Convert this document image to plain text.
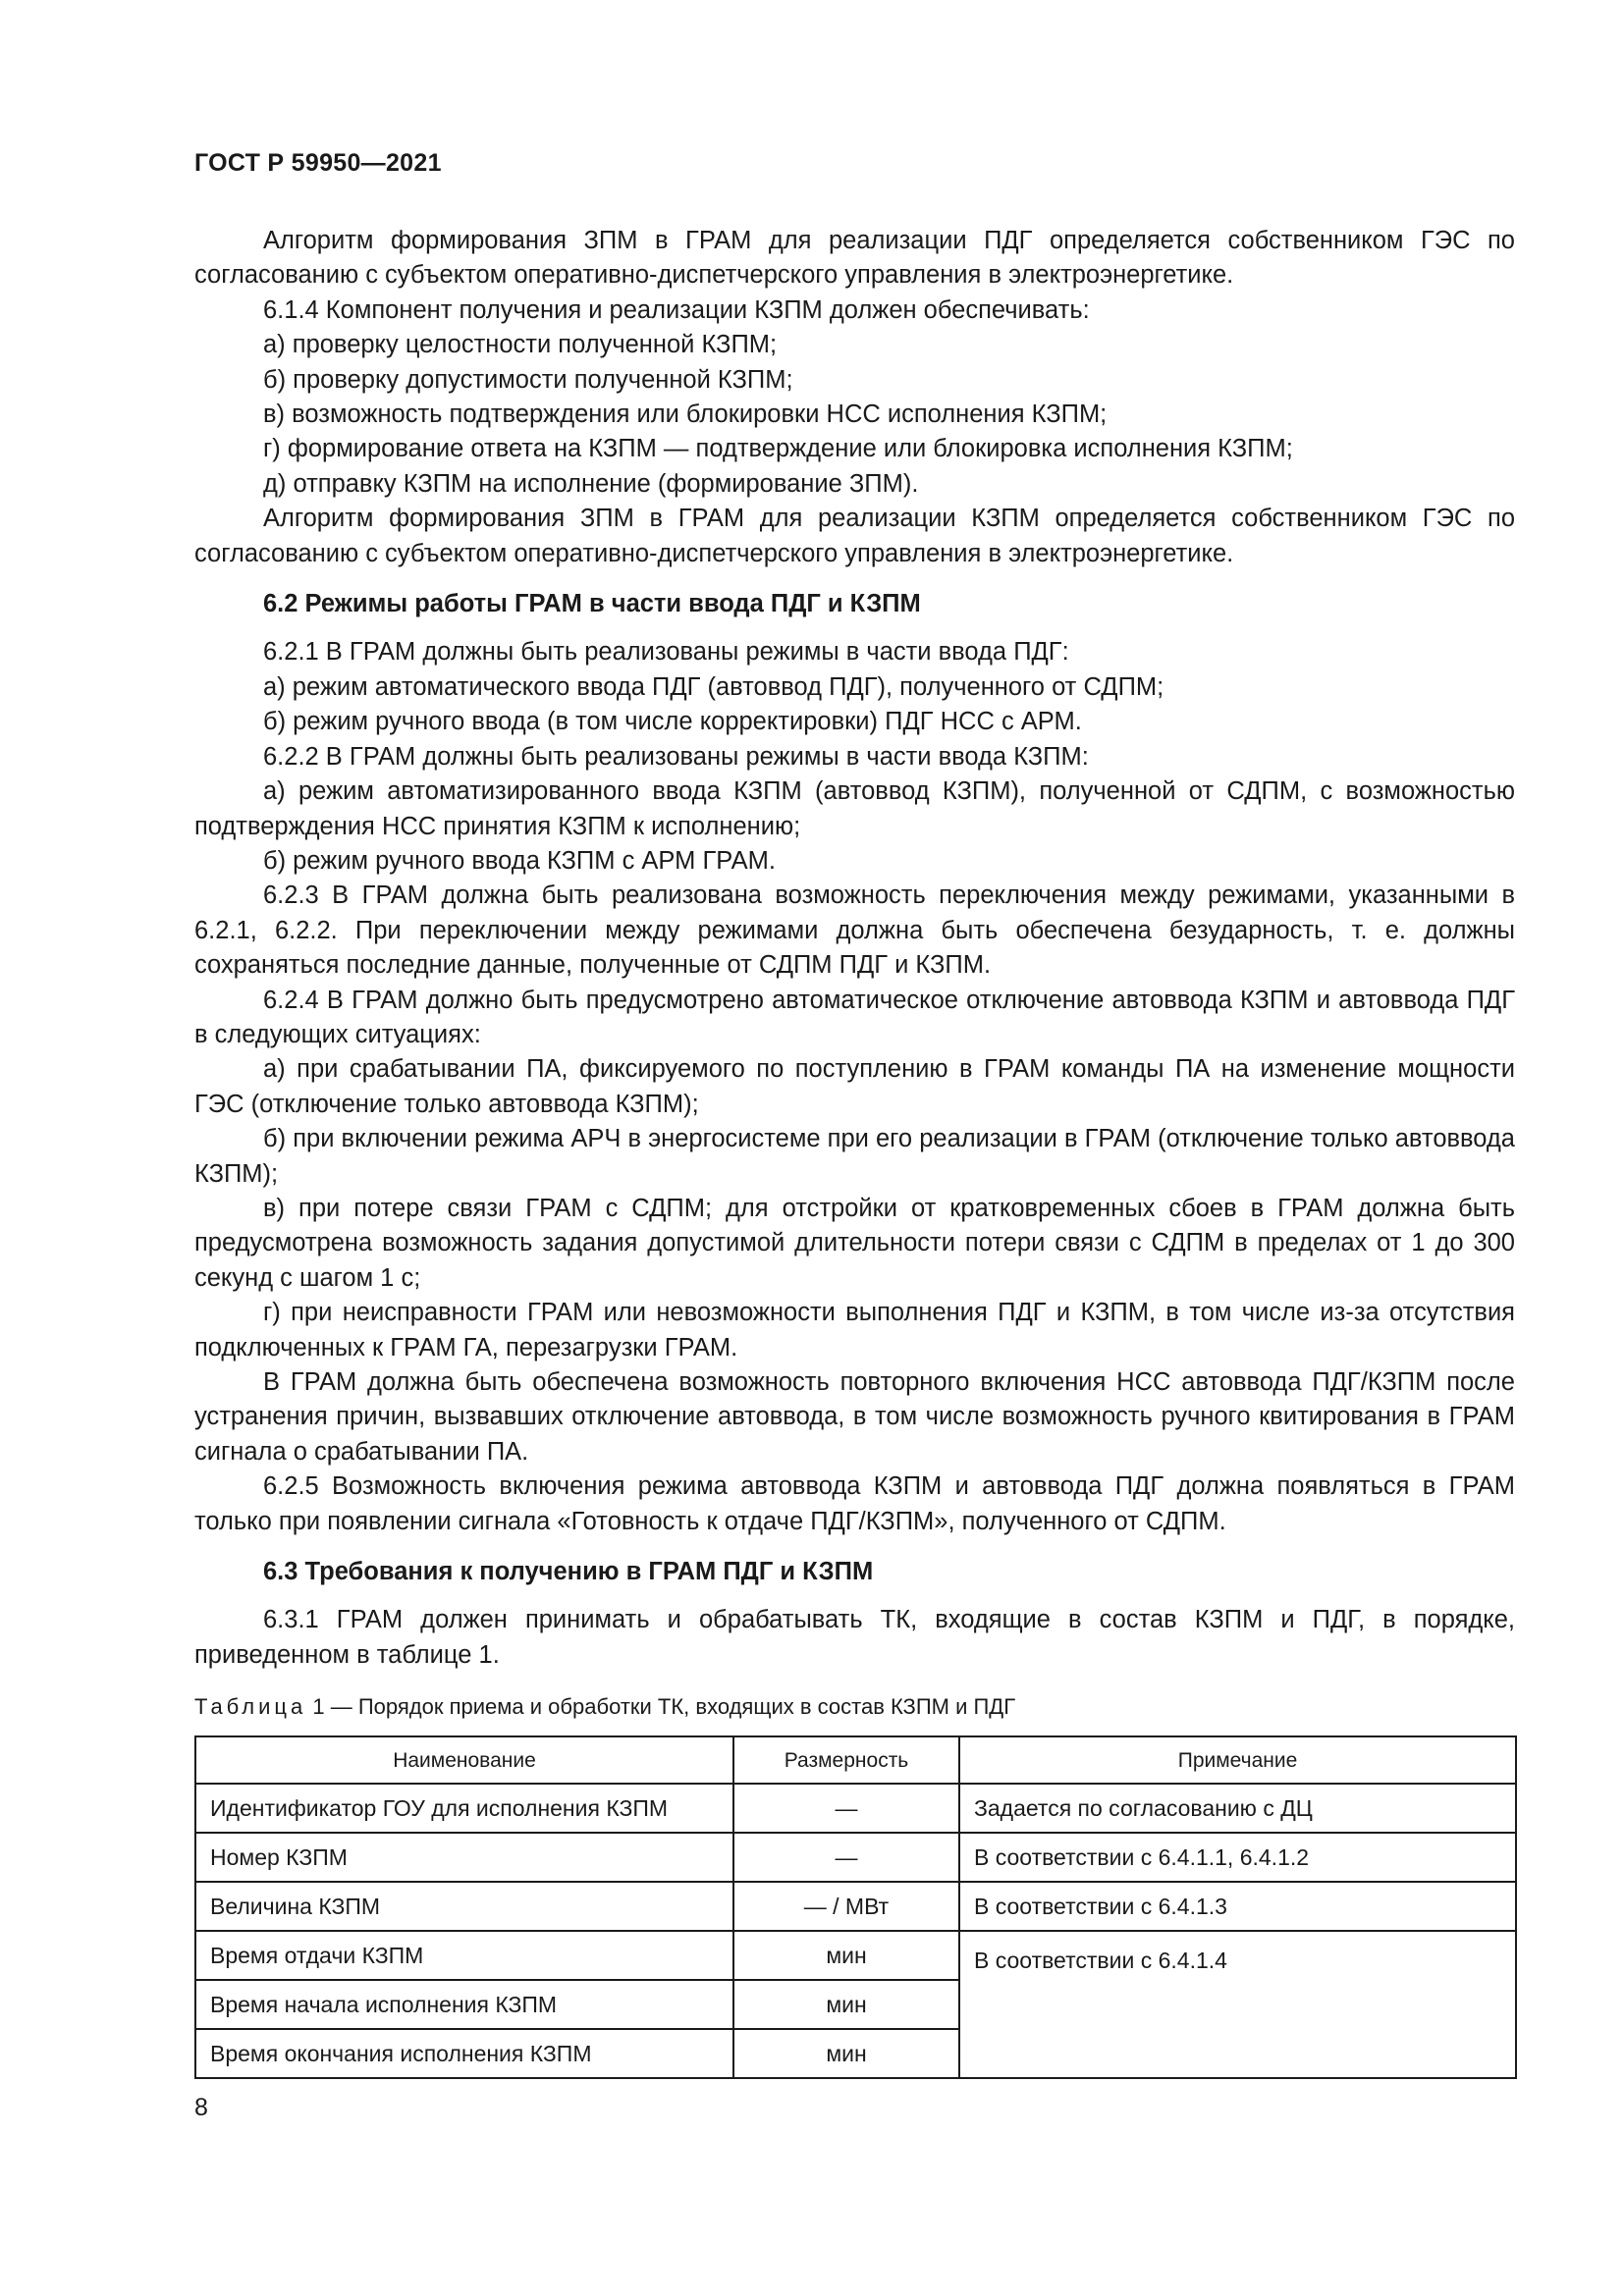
ГОСТ Р 59950—2021
Алгоритм формирования ЗПМ в ГРАМ для реализации ПДГ определяется собственником ГЭС по согласованию с субъектом оперативно-диспетчерского управления в электроэнергетике.
6.1.4 Компонент получения и реализации КЗПМ должен обеспечивать:
а) проверку целостности полученной КЗПМ;
б) проверку допустимости полученной КЗПМ;
в) возможность подтверждения или блокировки НСС исполнения КЗПМ;
г) формирование ответа на КЗПМ — подтверждение или блокировка исполнения КЗПМ;
д) отправку КЗПМ на исполнение (формирование ЗПМ).
Алгоритм формирования ЗПМ в ГРАМ для реализации КЗПМ определяется собственником ГЭС по согласованию с субъектом оперативно-диспетчерского управления в электроэнергетике.
6.2 Режимы работы ГРАМ в части ввода ПДГ и КЗПМ
6.2.1 В ГРАМ должны быть реализованы режимы в части ввода ПДГ:
а) режим автоматического ввода ПДГ (автоввод ПДГ), полученного от СДПМ;
б) режим ручного ввода (в том числе корректировки) ПДГ НСС с АРМ.
6.2.2 В ГРАМ должны быть реализованы режимы в части ввода КЗПМ:
а) режим автоматизированного ввода КЗПМ (автоввод КЗПМ), полученной от СДПМ, с возможностью подтверждения НСС принятия КЗПМ к исполнению;
б) режим ручного ввода КЗПМ с АРМ ГРАМ.
6.2.3 В ГРАМ должна быть реализована возможность переключения между режимами, указанными в 6.2.1, 6.2.2. При переключении между режимами должна быть обеспечена безударность, т. е. должны сохраняться последние данные, полученные от СДПМ ПДГ и КЗПМ.
6.2.4 В ГРАМ должно быть предусмотрено автоматическое отключение автоввода КЗПМ и автоввода ПДГ в следующих ситуациях:
а) при срабатывании ПА, фиксируемого по поступлению в ГРАМ команды ПА на изменение мощности ГЭС (отключение только автоввода КЗПМ);
б) при включении режима АРЧ в энергосистеме при его реализации в ГРАМ (отключение только автоввода КЗПМ);
в) при потере связи ГРАМ с СДПМ; для отстройки от кратковременных сбоев в ГРАМ должна быть предусмотрена возможность задания допустимой длительности потери связи с СДПМ в пределах от 1 до 300 секунд с шагом 1 с;
г) при неисправности ГРАМ или невозможности выполнения ПДГ и КЗПМ, в том числе из-за отсутствия подключенных к ГРАМ ГА, перезагрузки ГРАМ.
В ГРАМ должна быть обеспечена возможность повторного включения НСС автоввода ПДГ/КЗПМ после устранения причин, вызвавших отключение автоввода, в том числе возможность ручного квитирования в ГРАМ сигнала о срабатывании ПА.
6.2.5 Возможность включения режима автоввода КЗПМ и автоввода ПДГ должна появляться в ГРАМ только при появлении сигнала «Готовность к отдаче ПДГ/КЗПМ», полученного от СДПМ.
6.3 Требования к получению в ГРАМ ПДГ и КЗПМ
6.3.1 ГРАМ должен принимать и обрабатывать ТК, входящие в состав КЗПМ и ПДГ, в порядке, приведенном в таблице 1.
Таблица 1 — Порядок приема и обработки ТК, входящих в состав КЗПМ и ПДГ
Наименование	Размерность	Примечание
Идентификатор ГОУ для исполнения КЗПМ	—	Задается по согласованию с ДЦ
Номер КЗПМ	—	В соответствии с 6.4.1.1, 6.4.1.2
Величина КЗПМ	— / МВт	В соответствии с 6.4.1.3
Время отдачи КЗПМ	мин	В соответствии с 6.4.1.4
Время начала исполнения КЗПМ	мин	
Время окончания исполнения КЗПМ	мин	
8
